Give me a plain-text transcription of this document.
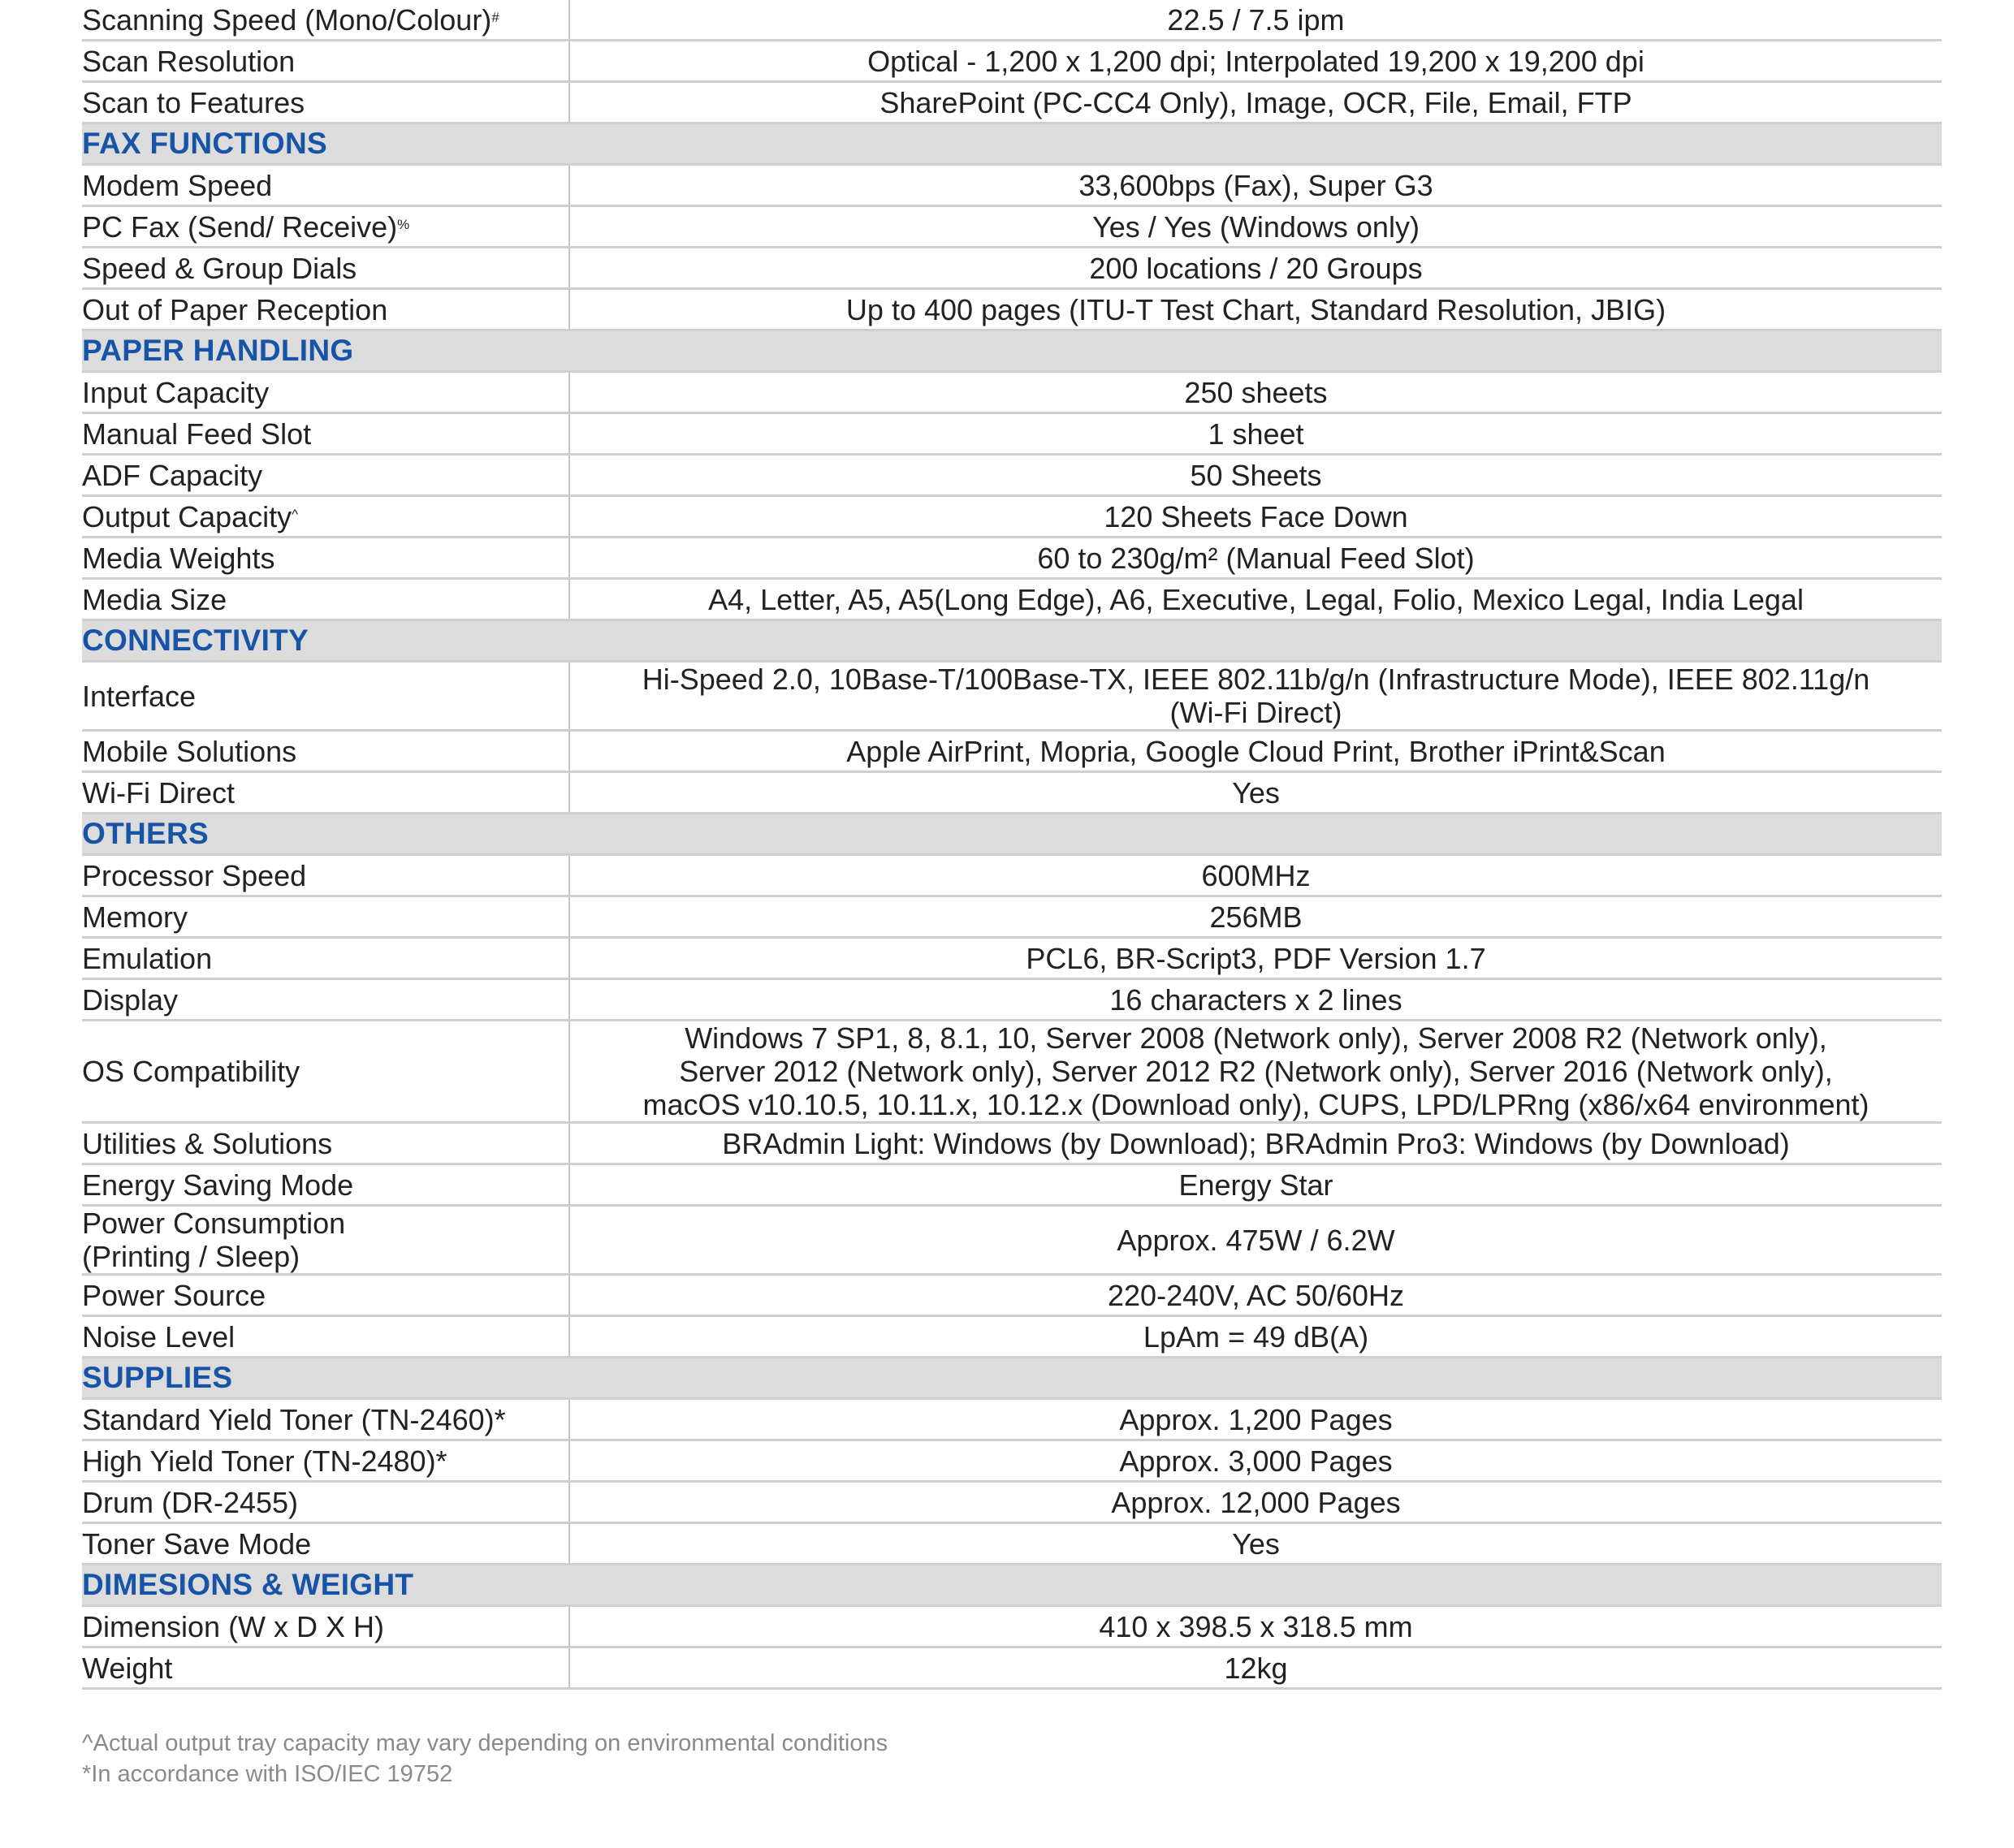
Scanning Speed (Mono/Colour)#	22.5 / 7.5 ipm
Scan Resolution	Optical - 1,200 x 1,200 dpi; Interpolated 19,200 x 19,200 dpi
Scan to Features	SharePoint (PC-CC4 Only), Image, OCR, File, Email, FTP
FAX FUNCTIONS	
Modem Speed	33,600bps (Fax), Super G3
PC Fax (Send/ Receive)%	Yes / Yes (Windows only)
Speed & Group Dials	200 locations / 20 Groups
Out of Paper Reception	Up to 400 pages (ITU-T Test Chart, Standard Resolution, JBIG)
PAPER HANDLING	
Input Capacity	250 sheets
Manual Feed Slot	1 sheet
ADF Capacity	50 Sheets
Output Capacity^	120 Sheets Face Down
Media Weights	60 to 230g/m² (Manual Feed Slot)
Media Size	A4, Letter, A5, A5(Long Edge), A6, Executive, Legal, Folio, Mexico Legal, India Legal
CONNECTIVITY	
Interface	Hi-Speed 2.0, 10Base-T/100Base-TX, IEEE 802.11b/g/n (Infrastructure Mode), IEEE 802.11g/n
(Wi-Fi Direct)

Mobile Solutions	Apple AirPrint, Mopria, Google Cloud Print, Brother iPrint&Scan
Wi-Fi Direct	Yes
OTHERS	
Processor Speed	600MHz
Memory	256MB
Emulation	PCL6, BR-Script3, PDF Version 1.7
Display	16 characters x 2 lines
OS Compatibility	Windows 7 SP1, 8, 8.1, 10, Server 2008 (Network only), Server 2008 R2 (Network only),
Server 2012 (Network only), Server 2012 R2 (Network only), Server 2016 (Network only),
macOS v10.10.5, 10.11.x, 10.12.x (Download only), CUPS, LPD/LPRng (x86/x64 environment)

Utilities & Solutions	BRAdmin Light: Windows (by Download); BRAdmin Pro3: Windows (by Download)
Energy Saving Mode	Energy Star

Power Consumption
(Printing / Sleep)	Approx. 475W / 6.2W
Power Source	220-240V, AC 50/60Hz
Noise Level	LpAm = 49 dB(A)
SUPPLIES	
Standard Yield Toner (TN-2460)*	Approx. 1,200 Pages
High Yield Toner (TN-2480)*	Approx. 3,000 Pages
Drum (DR-2455)	Approx. 12,000 Pages
Toner Save Mode	Yes
DIMESIONS & WEIGHT	
Dimension (W x D X H)	410 x 398.5 x 318.5 mm
Weight	12kg
^Actual output tray capacity may vary depending on environmental conditions
*In accordance with ISO/IEC 19752
